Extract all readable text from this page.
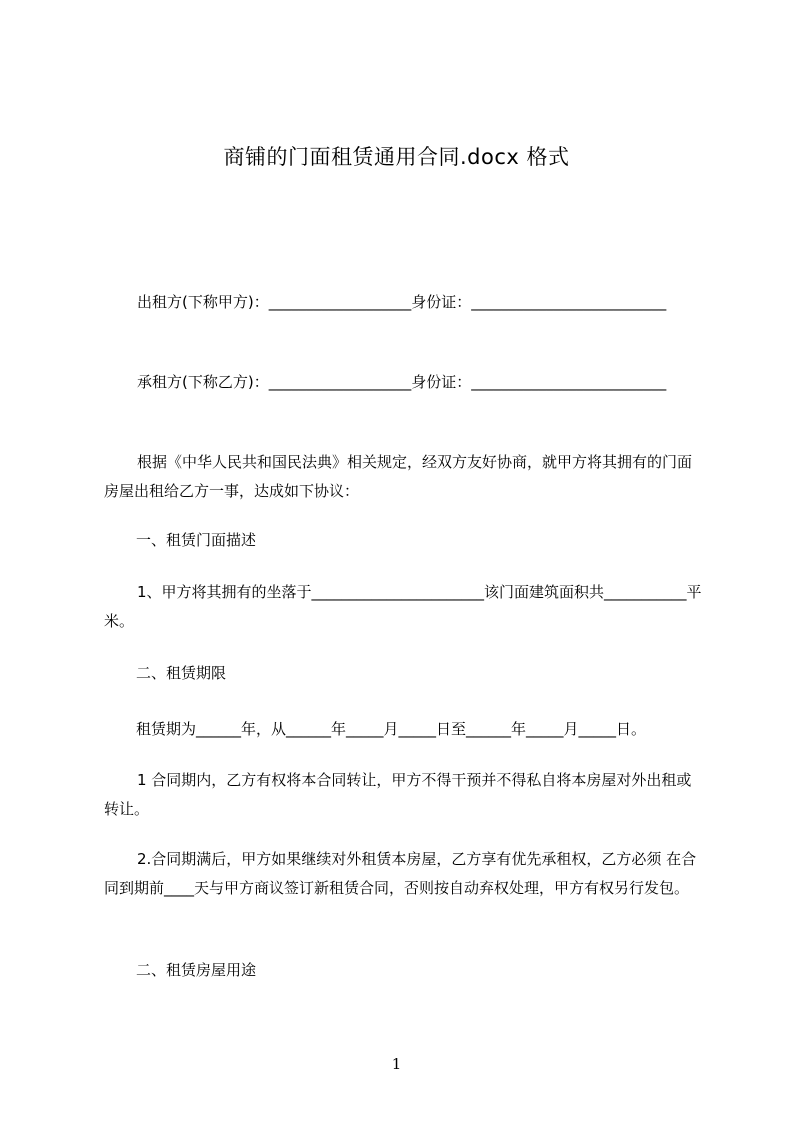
商铺的门面租赁通用合同.docx 格式
出租方(下称甲方)：___________________身份证：__________________________
承租方(下称乙方)：___________________身份证：__________________________
根据《中华人民共和国民法典》相关规定，经双方友好协商，就甲方将其拥有的门面房屋出租给乙方一事，达成如下协议：
一、租赁门面描述
1、甲方将其拥有的坐落于_______________________该门面建筑面积共___________平米。
二、租赁期限
租赁期为______年，从______年_____月_____日至______年_____月_____日。
1 合同期内，乙方有权将本合同转让，甲方不得干预并不得私自将本房屋对外出租或转让。
2.合同期满后，甲方如果继续对外租赁本房屋，乙方享有优先承租权，乙方必须 在合同到期前____天与甲方商议签订新租赁合同，否则按自动弃权处理，甲方有权另行发包。
二、租赁房屋用途
1
